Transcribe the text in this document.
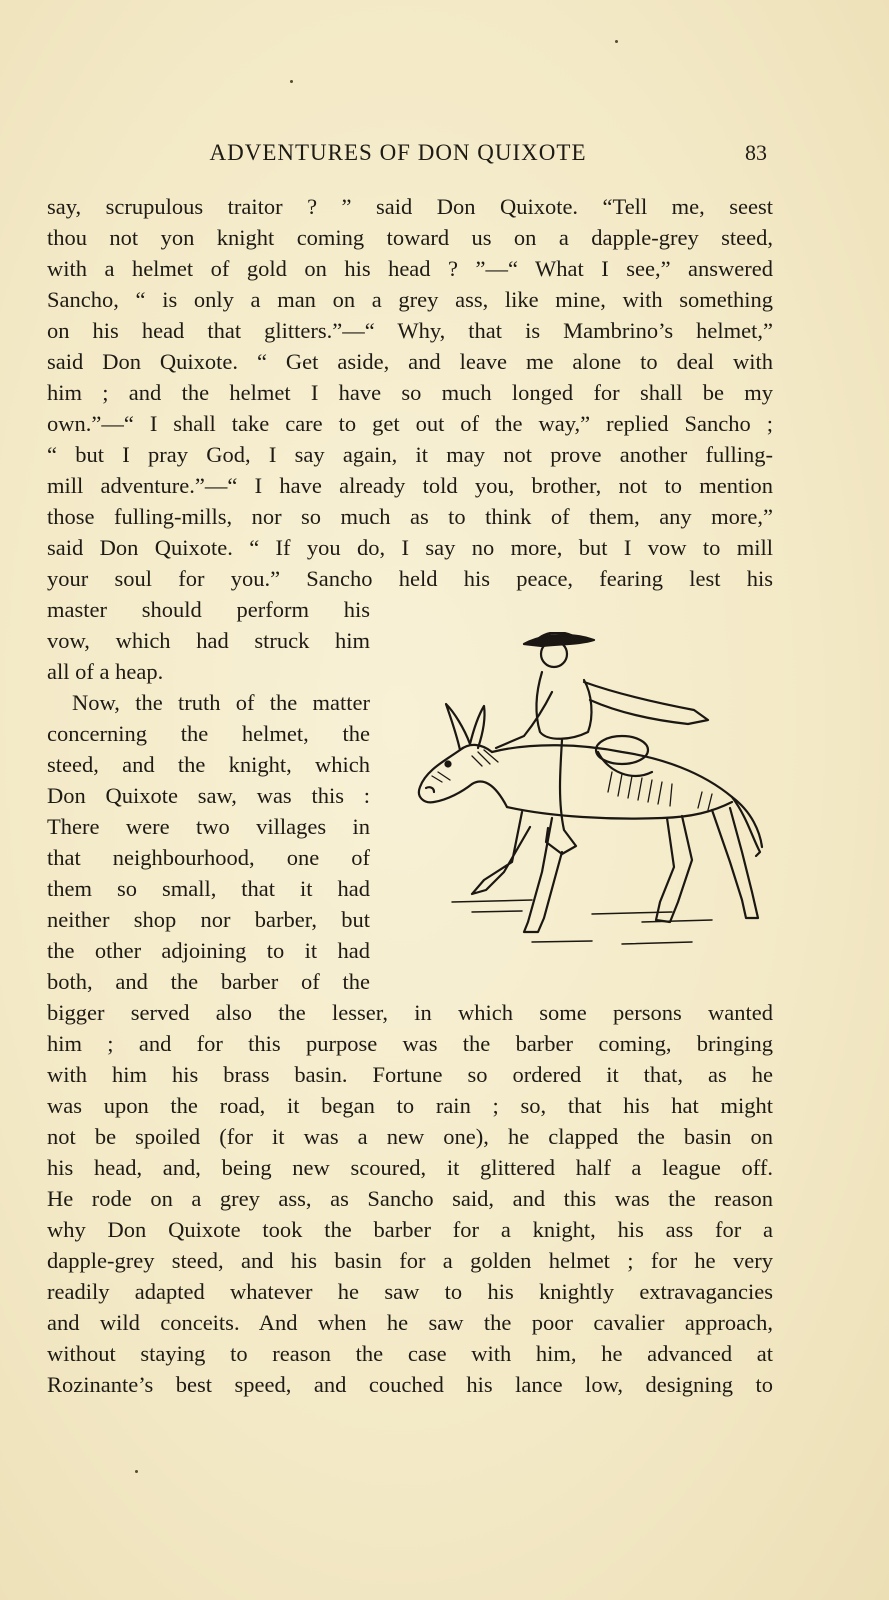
ADVENTURES OF DON QUIXOTE	83
say, scrupulous traitor ? ” said Don Quixote. “Tell me, seest
thou not yon knight coming toward us on a dapple-grey steed,
with a helmet of gold on his head ? ”—“ What I see,” answered
Sancho, “ is only a man on a grey ass, like mine, with something
on his head that glitters.”—“ Why, that is Mambrino’s helmet,”
said Don Quixote. “ Get aside, and leave me alone to deal with
him ; and the helmet I have so much longed for shall be my
own.”—“ I shall take care to get out of the way,” replied Sancho ;
“ but I pray God, I say again, it may not prove another fulling-
mill adventure.”—“ I have already told you, brother, not to mention
those fulling-mills, nor so much as to think of them, any more,”
said Don Quixote. “ If you do, I say no more, but I vow to mill
your soul for you.” Sancho held his peace, fearing lest his
master should perform his
vow, which had struck him
all of a heap.
Now, the truth of the matter
concerning the helmet, the
steed, and the knight, which
Don Quixote saw, was this :
There were two villages in
that neighbourhood, one of
them so small, that it had
neither shop nor barber, but
the other adjoining to it had
both, and the barber of the
bigger served also the lesser, in which some persons wanted
him ; and for this purpose was the barber coming, bringing
with him his brass basin. Fortune so ordered it that, as he
was upon the road, it began to rain ; so, that his hat might
not be spoiled (for it was a new one), he clapped the basin on
his head, and, being new scoured, it glittered half a league off.
He rode on a grey ass, as Sancho said, and this was the reason
why Don Quixote took the barber for a knight, his ass for a
dapple-grey steed, and his basin for a golden helmet ; for he very
readily adapted whatever he saw to his knightly extravagancies
and wild conceits. And when he saw the poor cavalier approach,
without staying to reason the case with him, he advanced at
Rozinante’s best speed, and couched his lance low, designing to
